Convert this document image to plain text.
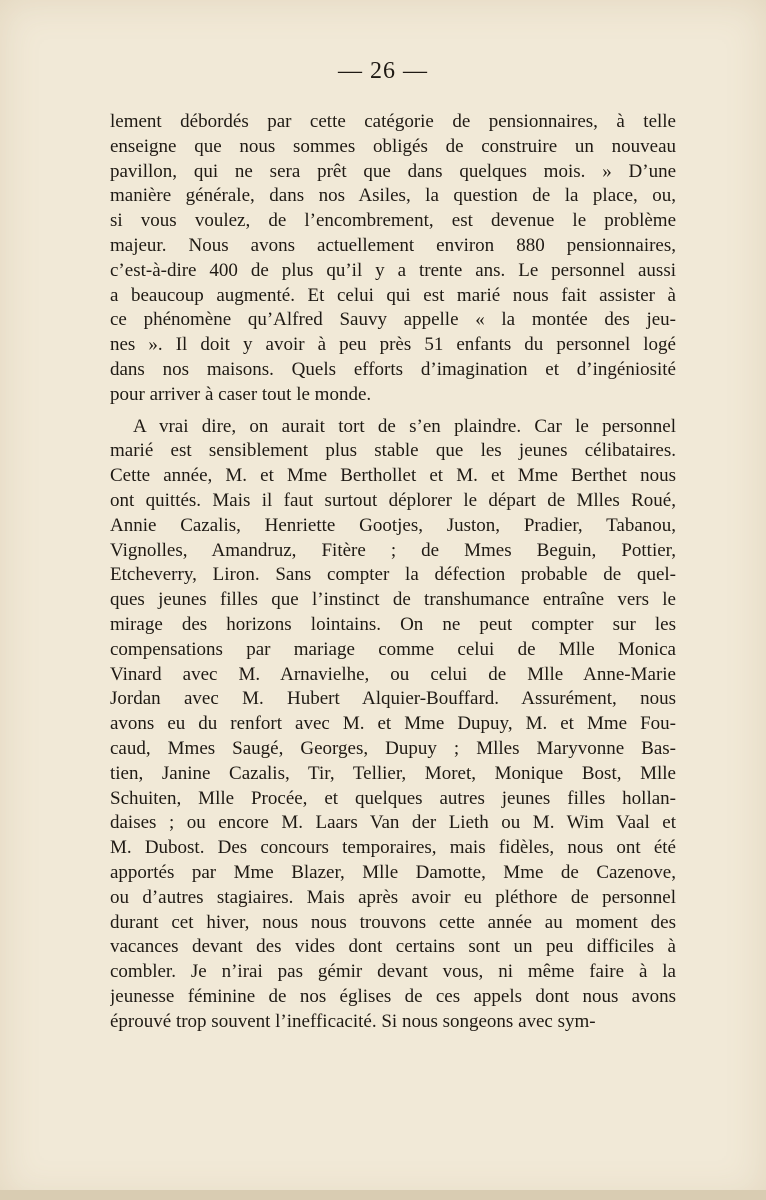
— 26 —

lement débordés par cette catégorie de pensionnaires, à telle
enseigne que nous sommes obligés de construire un nouveau
pavillon, qui ne sera prêt que dans quelques mois. » D’une
manière générale, dans nos Asiles, la question de la place, ou,
si vous voulez, de l’encombrement, est devenue le problème
majeur. Nous avons actuellement environ 880 pensionnaires,
c’est-à-dire 400 de plus qu’il y a trente ans. Le personnel aussi
a beaucoup augmenté. Et celui qui est marié nous fait assister à
ce phénomène qu’Alfred Sauvy appelle « la montée des jeu-
nes ». Il doit y avoir à peu près 51 enfants du personnel logé
dans nos maisons. Quels efforts d’imagination et d’ingéniosité
pour arriver à caser tout le monde.

A vrai dire, on aurait tort de s’en plaindre. Car le personnel
marié est sensiblement plus stable que les jeunes célibataires.
Cette année, M. et Mme Berthollet et M. et Mme Berthet nous
ont quittés. Mais il faut surtout déplorer le départ de Mlles Roué,
Annie Cazalis, Henriette Gootjes, Juston, Pradier, Tabanou,
Vignolles, Amandruz, Fitère ; de Mmes Beguin, Pottier,
Etcheverry, Liron. Sans compter la défection probable de quel-
ques jeunes filles que l’instinct de transhumance entraîne vers le
mirage des horizons lointains. On ne peut compter sur les
compensations par mariage comme celui de Mlle Monica
Vinard avec M. Arnavielhe, ou celui de Mlle Anne-Marie
Jordan avec M. Hubert Alquier-Bouffard. Assurément, nous
avons eu du renfort avec M. et Mme Dupuy, M. et Mme Fou-
caud, Mmes Saugé, Georges, Dupuy ; Mlles Maryvonne Bas-
tien, Janine Cazalis, Tir, Tellier, Moret, Monique Bost, Mlle
Schuiten, Mlle Procée, et quelques autres jeunes filles hollan-
daises ; ou encore M. Laars Van der Lieth ou M. Wim Vaal et
M. Dubost. Des concours temporaires, mais fidèles, nous ont été
apportés par Mme Blazer, Mlle Damotte, Mme de Cazenove,
ou d’autres stagiaires. Mais après avoir eu pléthore de personnel
durant cet hiver, nous nous trouvons cette année au moment des
vacances devant des vides dont certains sont un peu difficiles à
combler. Je n’irai pas gémir devant vous, ni même faire à la
jeunesse féminine de nos églises de ces appels dont nous avons
éprouvé trop souvent l’inefficacité. Si nous songeons avec sym-
